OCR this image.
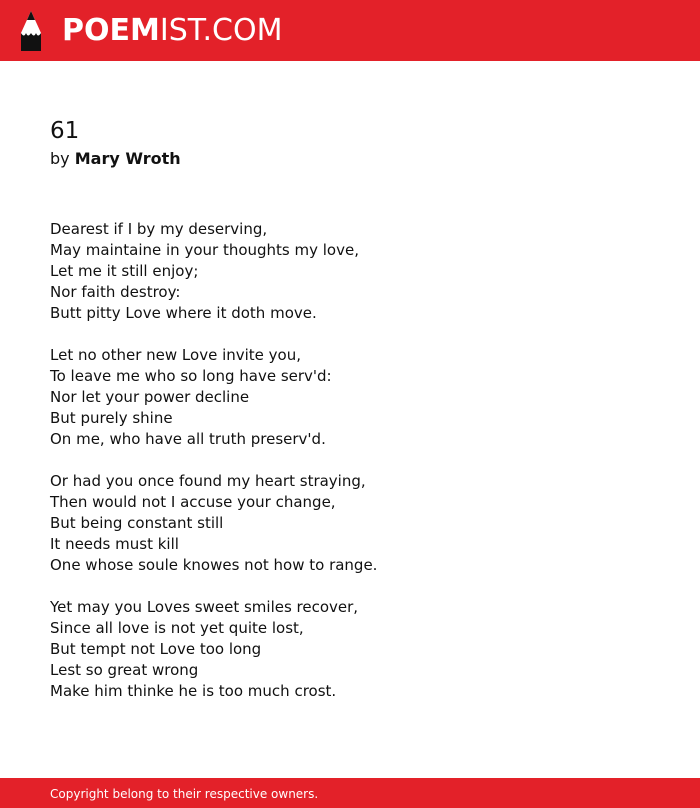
POEMIST.COM
61
by Mary Wroth
Dearest if I by my deserving,
May maintaine in your thoughts my love,
Let me it still enjoy;
Nor faith destroy:
Butt pitty Love where it doth move.
Let no other new Love invite you,
To leave me who so long have serv'd:
Nor let your power decline
But purely shine
On me, who have all truth preserv'd.
Or had you once found my heart straying,
Then would not I accuse your change,
But being constant still
It needs must kill
One whose soule knowes not how to range.
Yet may you Loves sweet smiles recover,
Since all love is not yet quite lost,
But tempt not Love too long
Lest so great wrong
Make him thinke he is too much crost.
Copyright belong to their respective owners.
